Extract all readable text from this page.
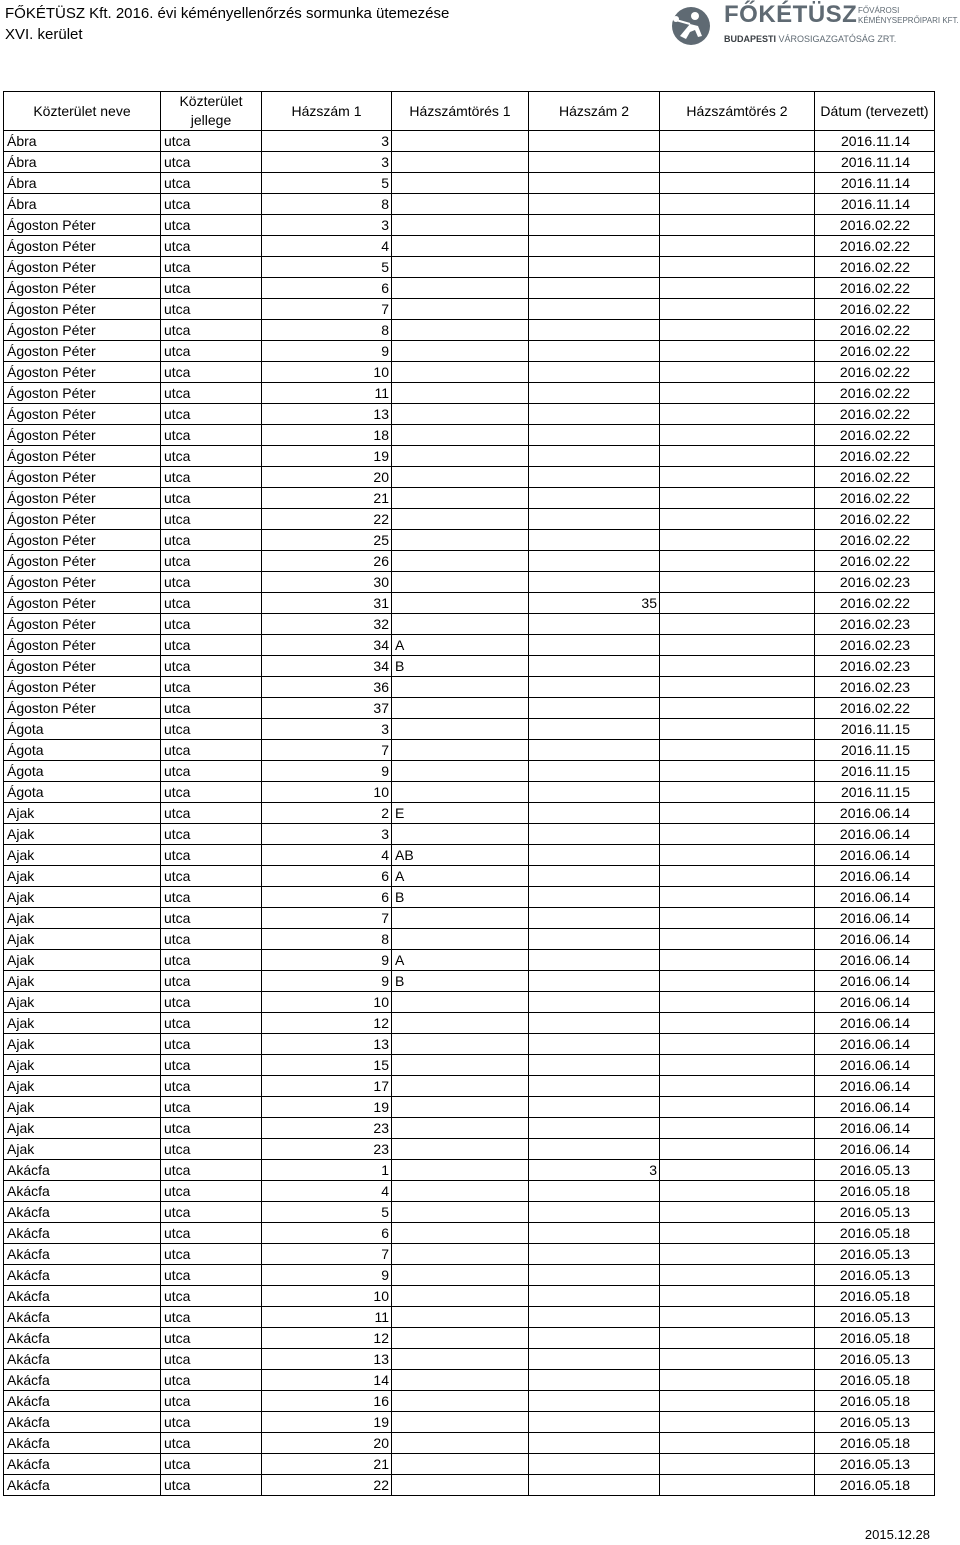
FŐKÉTÜSZ Kft. 2016. évi kéményellenőrzés sormunka ütemezése
XVI. kerület
FŐKÉTÜSZ FŐVÁROSI
KÉMÉNYSEPRŐIPARI KFT.
BUDAPESTI VÁROSIGAZGATÓSÁG ZRT.
Közterület neve	Közterület jellege	Házszám 1	Házszámtörés 1	Házszám 2	Házszámtörés 2	Dátum (tervezett)
Ábra	utca	3				2016.11.14
Ábra	utca	3				2016.11.14
Ábra	utca	5				2016.11.14
Ábra	utca	8				2016.11.14
Ágoston Péter	utca	3				2016.02.22
Ágoston Péter	utca	4				2016.02.22
Ágoston Péter	utca	5				2016.02.22
Ágoston Péter	utca	6				2016.02.22
Ágoston Péter	utca	7				2016.02.22
Ágoston Péter	utca	8				2016.02.22
Ágoston Péter	utca	9				2016.02.22
Ágoston Péter	utca	10				2016.02.22
Ágoston Péter	utca	11				2016.02.22
Ágoston Péter	utca	13				2016.02.22
Ágoston Péter	utca	18				2016.02.22
Ágoston Péter	utca	19				2016.02.22
Ágoston Péter	utca	20				2016.02.22
Ágoston Péter	utca	21				2016.02.22
Ágoston Péter	utca	22				2016.02.22
Ágoston Péter	utca	25				2016.02.22
Ágoston Péter	utca	26				2016.02.22
Ágoston Péter	utca	30				2016.02.23
Ágoston Péter	utca	31		35		2016.02.22
Ágoston Péter	utca	32				2016.02.23
Ágoston Péter	utca	34	A			2016.02.23
Ágoston Péter	utca	34	B			2016.02.23
Ágoston Péter	utca	36				2016.02.23
Ágoston Péter	utca	37				2016.02.22
Ágota	utca	3				2016.11.15
Ágota	utca	7				2016.11.15
Ágota	utca	9				2016.11.15
Ágota	utca	10				2016.11.15
Ajak	utca	2	E			2016.06.14
Ajak	utca	3				2016.06.14
Ajak	utca	4	AB			2016.06.14
Ajak	utca	6	A			2016.06.14
Ajak	utca	6	B			2016.06.14
Ajak	utca	7				2016.06.14
Ajak	utca	8				2016.06.14
Ajak	utca	9	A			2016.06.14
Ajak	utca	9	B			2016.06.14
Ajak	utca	10				2016.06.14
Ajak	utca	12				2016.06.14
Ajak	utca	13				2016.06.14
Ajak	utca	15				2016.06.14
Ajak	utca	17				2016.06.14
Ajak	utca	19				2016.06.14
Ajak	utca	23				2016.06.14
Ajak	utca	23				2016.06.14
Akácfa	utca	1		3		2016.05.13
Akácfa	utca	4				2016.05.18
Akácfa	utca	5				2016.05.13
Akácfa	utca	6				2016.05.18
Akácfa	utca	7				2016.05.13
Akácfa	utca	9				2016.05.13
Akácfa	utca	10				2016.05.18
Akácfa	utca	11				2016.05.13
Akácfa	utca	12				2016.05.18
Akácfa	utca	13				2016.05.13
Akácfa	utca	14				2016.05.18
Akácfa	utca	16				2016.05.18
Akácfa	utca	19				2016.05.13
Akácfa	utca	20				2016.05.18
Akácfa	utca	21				2016.05.13
Akácfa	utca	22				2016.05.18
2015.12.28
